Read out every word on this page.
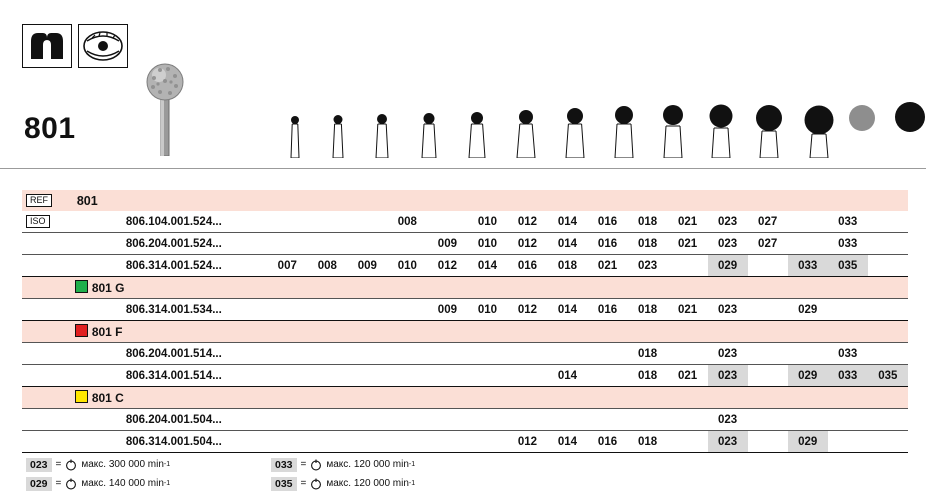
801
REF	801																	
ISO		806.104.001.524...				008		010	012	014	016	018	021	023	027		033	
		806.204.001.524...					009	010	012	014	016	018	021	023	027		033	
		806.314.001.524...	007	008	009	010	012	014	016	018	021	023		029		033	035	
	801 G																	
		806.314.001.534...					009	010	012	014	016	018	021	023		029		
	801 F																	
		806.204.001.514...										018		023			033	
		806.314.001.514...								014		018	021	023		029	033	035
	801 C																	
		806.204.001.504...												023				
		806.314.001.504...							012	014	016	018		023		029		
023 = макс. 300 000 min -1	033 = макс. 120 000 min -1
029 = макс. 140 000 min -1	035 = макс. 120 000 min -1
